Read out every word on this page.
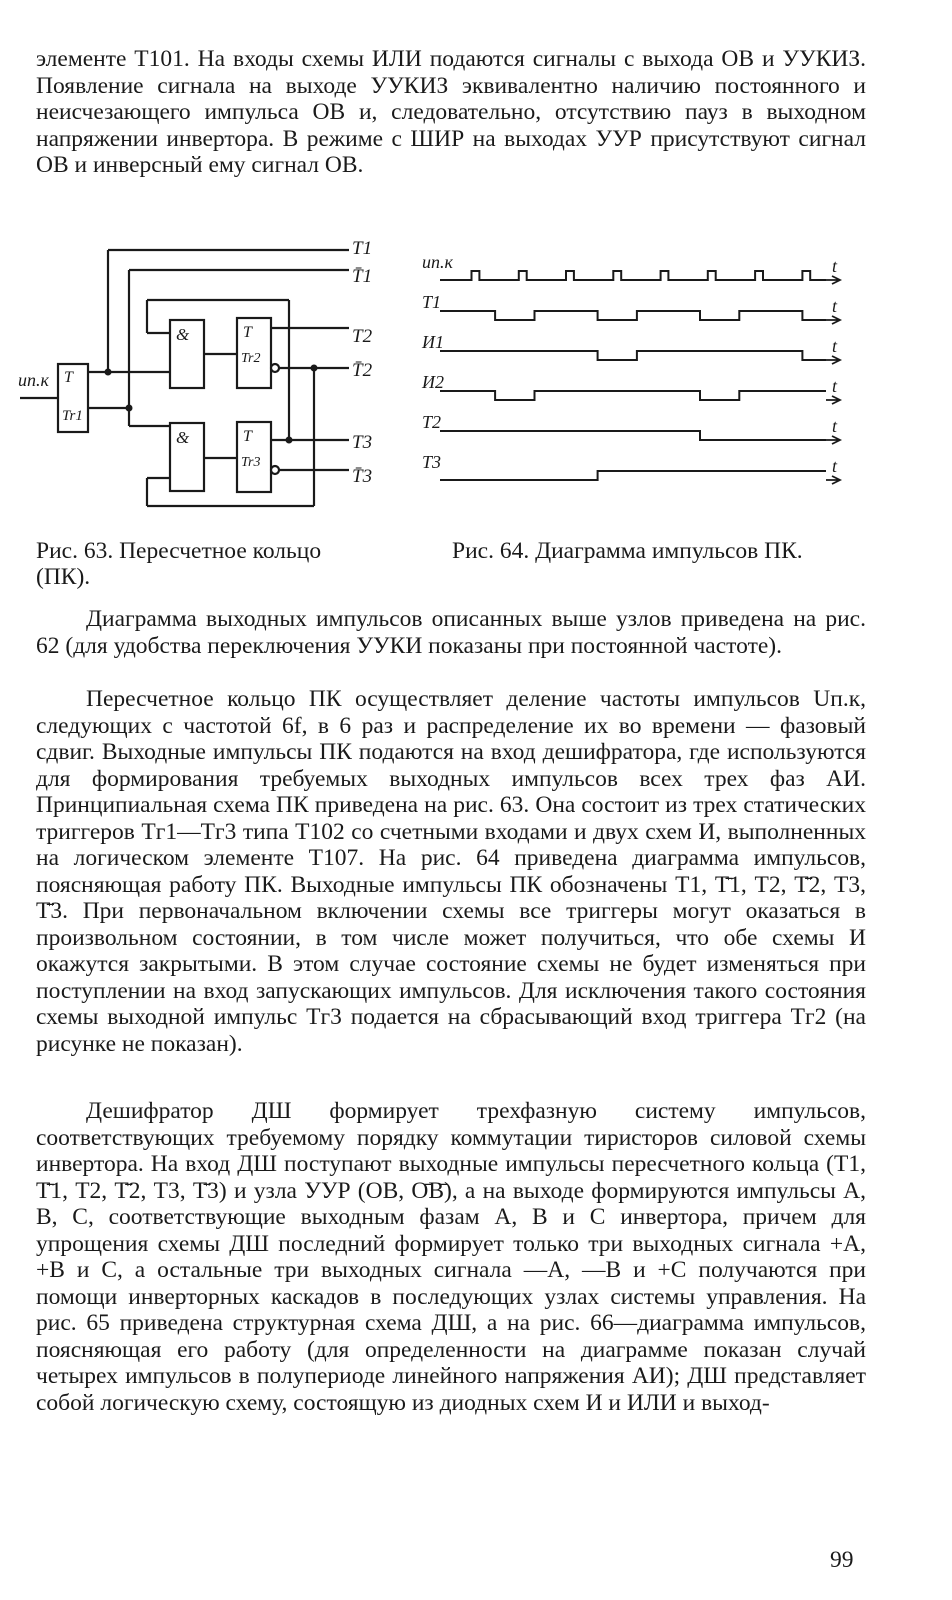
элементе Т101. На входы схемы ИЛИ подаются сигналы с выхода ОВ и УУКИЗ. Появление сигнала на выходе УУКИЗ эквивалентно наличию постоянного и неисчезающего импульса ОВ и, следовательно, отсутствию пауз в выходном напряжении инвертора. В режиме с ШИР на выходах УУР присутствуют сигнал ОВ и инверсный ему сигнал ОВ.

uп.к T
Tr1
&
&
T
Tr2
T
Tr3
T1
T̄1
T2
T̄2
T3
T̄3
uп.к	t
T1	t
И1	t
И2	t
T2	t
T3	t

Рис. 63. Пересчетное кольцо (ПК).

Рис. 64. Диаграмма импульсов ПК.

Диаграмма выходных импульсов описанных выше узлов приведена на рис. 62 (для удобства переключения УУКИ показаны при постоянной частоте).

Пересчетное кольцо ПК осуществляет деление частоты импульсов Uп.к, следующих с частотой 6f, в 6 раз и распределение их во времени — фазовый сдвиг. Выходные импульсы ПК подаются на вход дешифратора, где используются для формирования требуемых выходных импульсов всех трех фаз АИ. Принципиальная схема ПК приведена на рис. 63. Она состоит из трех статических триггеров Тг1—Тг3 типа Т102 со счетными входами и двух схем И, выполненных на логическом элементе Т107. На рис. 64 приведена диаграмма импульсов, поясняющая работу ПК. Выходные импульсы ПК обозначены Т1, Т̄1, Т2, Т̄2, Т3, Т̄3. При первоначальном включении схемы все триггеры могут оказаться в произвольном состоянии, в том числе может получиться, что обе схемы И окажутся закрытыми. В этом случае состояние схемы не будет изменяться при поступлении на вход запускающих импульсов. Для исключения такого состояния схемы выходной импульс Тг3 подается на сбрасывающий вход триггера Тг2 (на рисунке не показан).

Дешифратор ДШ формирует трехфазную систему импульсов, соответствующих требуемому порядку коммутации тиристоров силовой схемы инвертора. На вход ДШ поступают выходные импульсы пересчетного кольца (Т1, Т̄1, Т2, Т̄2, Т3, Т̄3) и узла УУР (ОВ, О̄В̄), а на выходе формируются импульсы А, В, С, соответствующие выходным фазам А, В и С инвертора, причем для упрощения схемы ДШ последний формирует только три выходных сигнала +А, +В и С, а остальные три выходных сигнала —А, —В и +С получаются при помощи инверторных каскадов в последующих узлах системы управления. На рис. 65 приведена структурная схема ДШ, а на рис. 66—диаграмма импульсов, поясняющая его работу (для определенности на диаграмме показан случай четырех импульсов в полупериоде линейного напряжения АИ); ДШ представляет собой логическую схему, состоящую из диодных схем И и ИЛИ и выход-

99
